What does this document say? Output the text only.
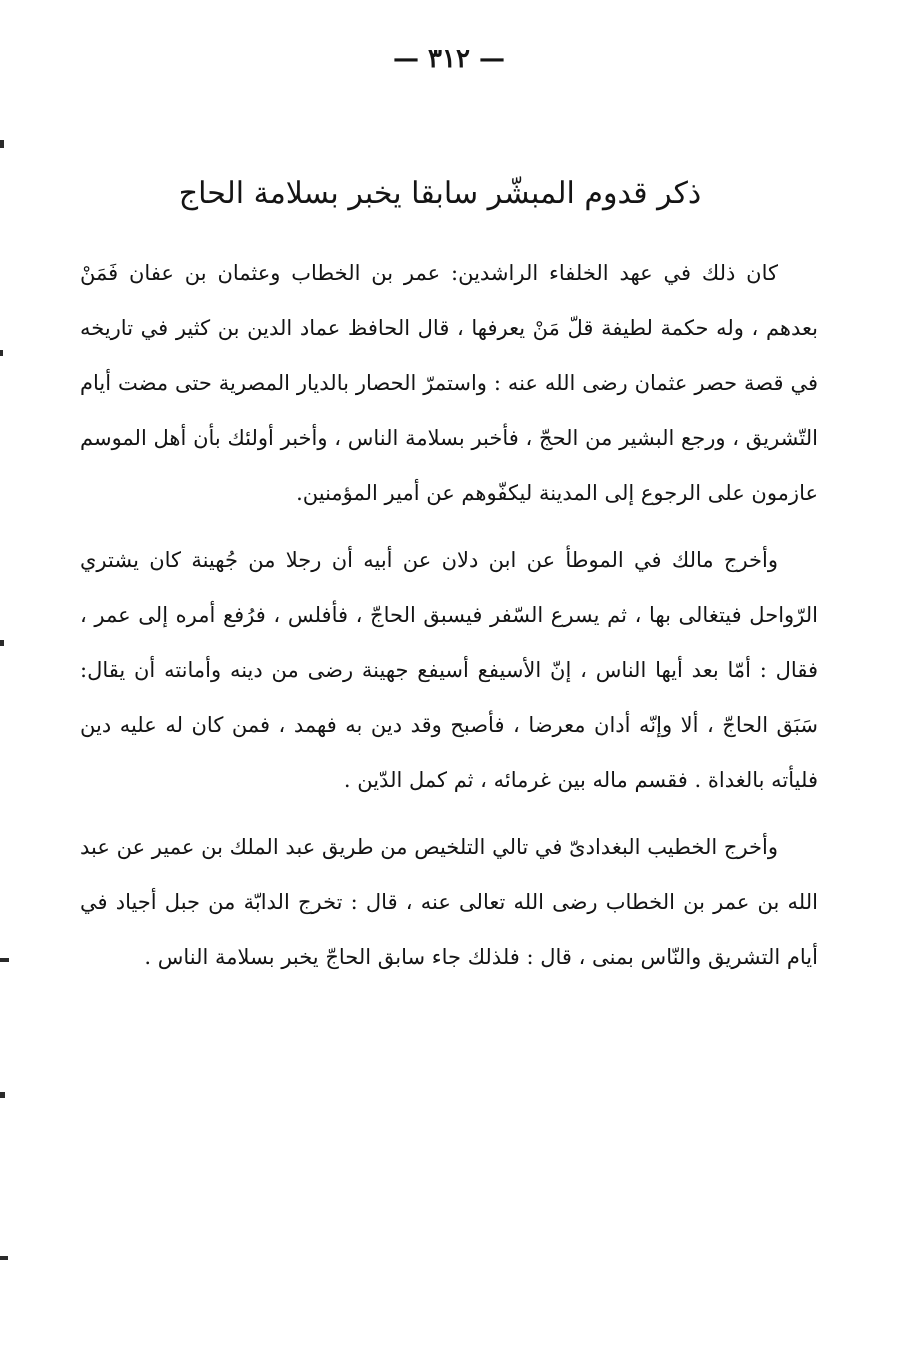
— ٣١٢ —
ذكر قدوم المبشّر سابقا يخبر بسلامة الحاج

كان ذلك في عهد الخلفاء الراشدين: عمر بن الخطاب وعثمان بن عفان فَمَنْ بعدهم ، وله حكمة لطيفة قلّ مَنْ يعرفها ، قال الحافظ عماد الدين بن كثير في تاريخه في قصة حصر عثمان رضى الله عنه : واستمرّ الحصار بالديار المصرية حتى مضت أيام التّشريق ، ورجع البشير من الحجّ ، فأخبر بسلامة الناس ، وأخبر أولئك بأن أهل الموسم عازمون على الرجوع إلى المدينة ليكفّوهم عن أمير المؤمنين.

وأخرج مالك في الموطأ عن ابن دلان عن أبيه أن رجلا من جُهينة كان يشتري الرّواحل فيتغالى بها ، ثم يسرع السّفر فيسبق الحاجّ ، فأفلس ، فرُفع أمره إلى عمر ، فقال : أمّا بعد أيها الناس ، إنّ الأسيفع أسيفع جهينة رضى من دينه وأمانته أن يقال: سَبَق الحاجّ ، ألا وإنّه أدان معرضا ، فأصبح وقد دين به فهمد ، فمن كان له عليه دين فليأته بالغداة . فقسم ماله بين غرمائه ، ثم كمل الدّين .

وأخرج الخطيب البغدادىّ في تالي التلخيص من طريق عبد الملك بن عمير عن عبد الله بن عمر بن الخطاب رضى الله تعالى عنه ، قال : تخرج الدابّة من جبل أجياد في أيام التشريق والنّاس بمنى ، قال : فلذلك جاء سابق الحاجّ يخبر بسلامة الناس .
